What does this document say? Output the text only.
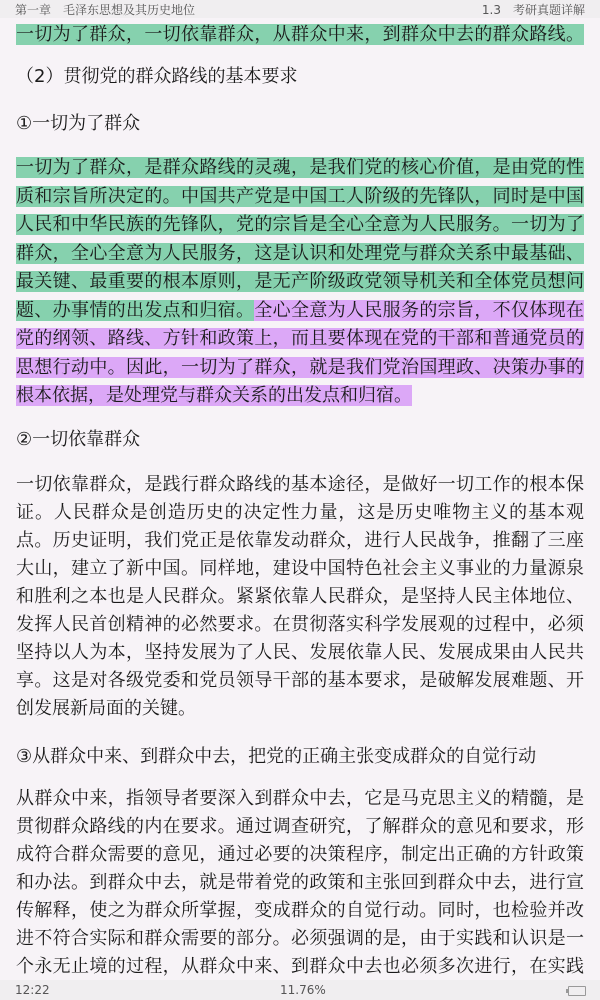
第一章　毛泽东思想及其历史地位	1.3　考研真题详解
一切为了群众，一切依靠群众，从群众中来，到群众中去的群众路线。
（2）贯彻党的群众路线的基本要求
①一切为了群众
一切为了群众，是群众路线的灵魂，是我们党的核心价值，是由党的性
质和宗旨所决定的。中国共产党是中国工人阶级的先锋队，同时是中国
人民和中华民族的先锋队，党的宗旨是全心全意为人民服务。一切为了
群众，全心全意为人民服务，这是认识和处理党与群众关系中最基础、
最关键、最重要的根本原则，是无产阶级政党领导机关和全体党员想问
题、办事情的出发点和归宿。全心全意为人民服务的宗旨，不仅体现在
党的纲领、路线、方针和政策上，而且要体现在党的干部和普通党员的
思想行动中。因此，一切为了群众，就是我们党治国理政、决策办事的
根本依据，是处理党与群众关系的出发点和归宿。
②一切依靠群众
一切依靠群众，是践行群众路线的基本途径，是做好一切工作的根本保
证。人民群众是创造历史的决定性力量，这是历史唯物主义的基本观
点。历史证明，我们党正是依靠发动群众，进行人民战争，推翻了三座
大山，建立了新中国。同样地，建设中国特色社会主义事业的力量源泉
和胜利之本也是人民群众。紧紧依靠人民群众，是坚持人民主体地位、
发挥人民首创精神的必然要求。在贯彻落实科学发展观的过程中，必须
坚持以人为本，坚持发展为了人民、发展依靠人民、发展成果由人民共
享。这是对各级党委和党员领导干部的基本要求，是破解发展难题、开
创发展新局面的关键。
③从群众中来、到群众中去，把党的正确主张变成群众的自觉行动
从群众中来，指领导者要深入到群众中去，它是马克思主义的精髓，是
贯彻群众路线的内在要求。通过调查研究，了解群众的意见和要求，形
成符合群众需要的意见，通过必要的决策程序，制定出正确的方针政策
和办法。到群众中去，就是带着党的政策和主张回到群众中去，进行宣
传解释，使之为群众所掌握，变成群众的自觉行动。同时，也检验并改
进不符合实际和群众需要的部分。必须强调的是，由于实践和认识是一
个永无止境的过程，从群众中来、到群众中去也必须多次进行，在实践
12:22	11.76%
